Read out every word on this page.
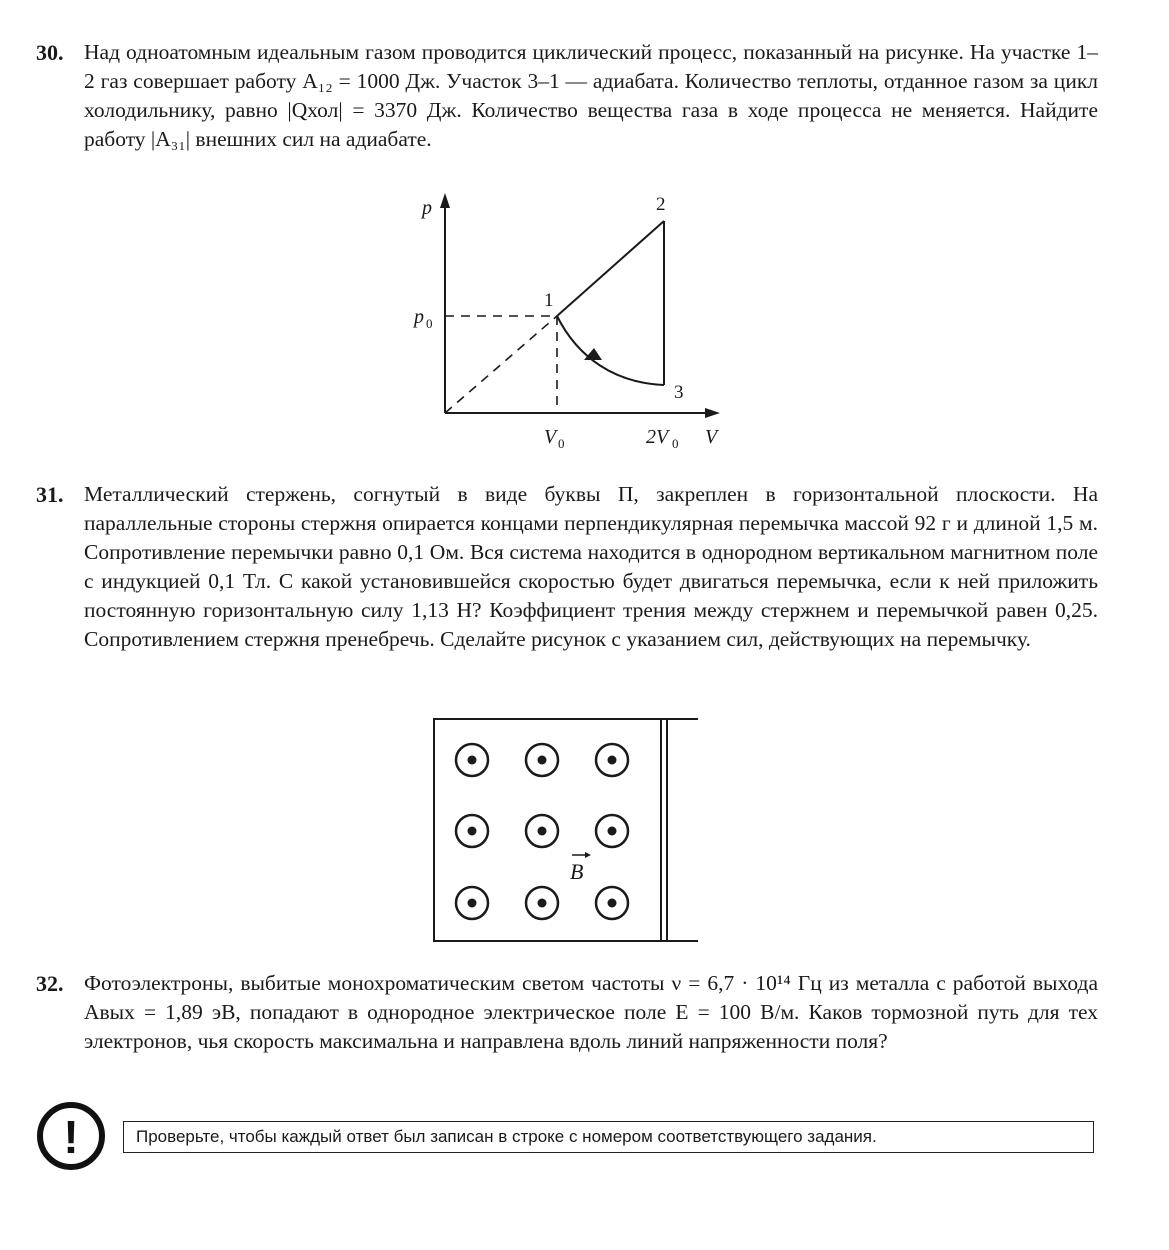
30. Над одноатомным идеальным газом проводится циклический процесс, показанный на рисунке. На участке 1–2 газ совершает работу A₁₂ = 1000 Дж. Участок 3–1 — адиабата. Количество теплоты, отданное газом за цикл холодильнику, равно |Qхол| = 3370 Дж. Количество вещества газа в ходе процесса не меняется. Найдите работу |A₃₁| внешних сил на адиабате.
p
V
p 0
V 0	2V 0
1
2
3
31. Металлический стержень, согнутый в виде буквы П, закреплен в горизонтальной плоскости. На параллельные стороны стержня опирается концами перпендикулярная перемычка массой 92 г и длиной 1,5 м. Сопротивление перемычки равно 0,1 Ом. Вся система находится в однородном вертикальном магнитном поле с индукцией 0,1 Тл. С какой установившейся скоростью будет двигаться перемычка, если к ней приложить постоянную горизонтальную силу 1,13 Н? Коэффициент трения между стержнем и перемычкой равен 0,25. Сопротивлением стержня пренебречь. Сделайте рисунок с указанием сил, действующих на перемычку.
B
32. Фотоэлектроны, выбитые монохроматическим светом частоты ν = 6,7 · 10¹⁴ Гц из металла с работой выхода Aвых = 1,89 эВ, попадают в однородное электрическое поле E = 100 В/м. Каков тормозной путь для тех электронов, чья скорость максимальна и направлена вдоль линий напряженности поля?
!	Проверьте, чтобы каждый ответ был записан в строке с номером соответствующего задания.
